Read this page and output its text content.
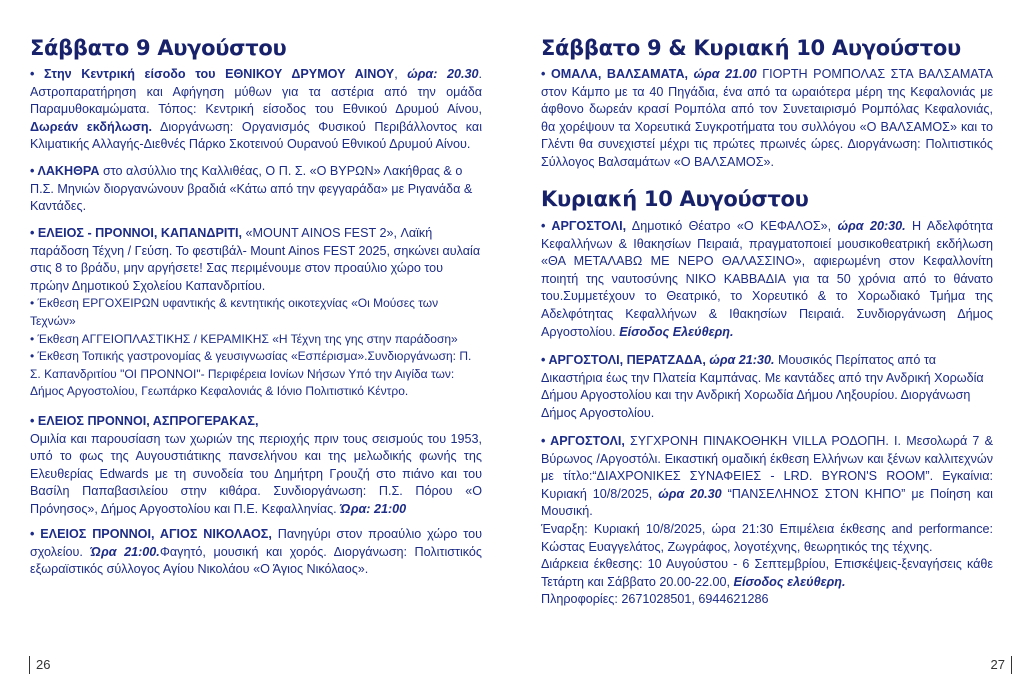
Σάββατο 9 Αυγούστου

• Στην Κεντρική είσοδο του ΕΘΝΙΚΟΥ ΔΡΥΜΟΥ ΑΙΝΟΥ, ώρα: 20.30. Αστροπαρατήρηση και Αφήγηση μύθων για τα αστέρια από την ομάδα Παραμυθοκαμώματα. Τόπος: Κεντρική είσοδος του Εθνικού Δρυμού Αίνου, Δωρεάν εκδήλωση. Διοργάνωση: Οργανισμός Φυσικού Περιβάλλοντος και Κλιματικής Αλλαγής-Διεθνές Πάρκο Σκοτεινού Ουρανού Εθνικού Δρυμού Αίνου.

• ΛΑΚΗΘΡΑ στο αλσύλλιο της Καλλιθέας, Ο Π. Σ. «Ο ΒΥΡΩΝ» Λακήθρας & ο Π.Σ. Μηνιών διοργανώνουν βραδιά «Κάτω από την φεγγαράδα» με Ριγανάδα & Καντάδες.

• ΕΛΕΙΟΣ - ΠΡΟΝΝΟΙ, ΚΑΠΑΝΔΡΙΤΙ, «MOUNT AINOS FEST 2», Λαϊκή παράδοση Τέχνη / Γεύση. Το φεστιβάλ- Mount Ainos FEST 2025, σηκώνει αυλαία στις 8 το βράδυ, μην αργήσετε! Σας περιμένουμε στον προαύλιο χώρο του πρώην Δημοτικού Σχολείου Καπανδριτίου.

• Έκθεση ΕΡΓΟΧΕΙΡΩΝ υφαντικής & κεντητικής οικοτεχνίας «Οι Μούσες των Τεχνών»

• Έκθεση ΑΓΓΕΙΟΠΛΑΣΤΙΚΗΣ / ΚΕΡΑΜΙΚΗΣ «Η Τέχνη της γης στην παράδοση»

• Έκθεση Τοπικής γαστρονομίας & γευσιγνωσίας «Εσπέρισμα».Συνδιοργάνωση: Π. Σ. Καπανδριτίου "ΟΙ ΠΡΟΝΝΟΙ"- Περιφέρεια Ιονίων Νήσων Υπό την Αιγίδα των: Δήμος Αργοστολίου, Γεωπάρκο Κεφαλονιάς & Ιόνιο Πολιτιστικό Κέντρο.

• ΕΛΕΙΟΣ ΠΡΟΝΝΟΙ, ΑΣΠΡΟΓΕΡΑΚΑΣ,

Ομιλία και παρουσίαση των χωριών της περιοχής πριν τους σεισμούς του 1953, υπό το φως της Αυγουστιάτικης πανσελήνου και της μελωδικής φωνής της Ελευθερίας Edwards με τη συνοδεία του Δημήτρη Γρουζή στο πιάνο και του Βασίλη Παπαβασιλείου στην κιθάρα. Συνδιοργάνωση: Π.Σ. Πόρου «Ο Πρόνησος», Δήμος Αργοστολίου και Π.Ε. Κεφαλληνίας. Ώρα: 21:00

• ΕΛΕΙΟΣ ΠΡΟΝΝΟΙ, ΑΓΙΟΣ ΝΙΚΟΛΑΟΣ, Πανηγύρι στον προαύλιο χώρο του σχολείου. Ώρα 21:00.Φαγητό, μουσική και χορός. Διοργάνωση: Πολιτιστικός εξωραϊστικός σύλλογος Αγίου Νικολάου «Ο Άγιος Νικόλαος».

26
Σάββατο 9 & Κυριακή 10 Αυγούστου

• ΟΜΑΛΑ, ΒΑΛΣΑΜΑΤΑ, ώρα 21.00 ΓΙΟΡΤΗ ΡΟΜΠΟΛΑΣ ΣΤΑ ΒΑΛΣΑΜΑΤΑ στον Κάμπο με τα 40 Πηγάδια, ένα από τα ωραιότερα μέρη της Κεφαλονιάς με άφθονο δωρεάν κρασί Ρομπόλα από τον Συνεταιρισμό Ρομπόλας Κεφαλονιάς, θα χορέψουν τα Χορευτικά Συγκροτήματα του συλλόγου «Ο ΒΑΛΣΑΜΟΣ» και το Γλέντι θα συνεχιστεί μέχρι τις πρώτες πρωινές ώρες. Διοργάνωση: Πολιτιστικός Σύλλογος Βαλσαμάτων «Ο ΒΑΛΣΑΜΟΣ».

Κυριακή 10 Αυγούστου

• ΑΡΓΟΣΤΟΛΙ, Δημοτικό Θέατρο «Ο ΚΕΦΑΛΟΣ», ώρα 20:30. Η Αδελφότητα Κεφαλλήνων & Ιθακησίων Πειραιά, πραγματοποιεί μουσικοθεατρική εκδήλωση «ΘΑ ΜΕΤΑΛΑΒΩ ΜΕ ΝΕΡΟ ΘΑΛΑΣΣΙΝΟ», αφιερωμένη στον Κεφαλλονίτη ποιητή της ναυτοσύνης ΝΙΚΟ ΚΑΒΒΑΔΙΑ για τα 50 χρόνια από το θάνατο του.Συμμετέχουν το Θεατρικό, το Χορευτικό & το Χορωδιακό Τμήμα της Αδελφότητας Κεφαλλήνων & Ιθακησίων Πειραιά. Συνδιοργάνωση Δήμος Αργοστολίου. Είσοδος Ελεύθερη.

• ΑΡΓΟΣΤΟΛΙ, ΠΕΡΑΤΖΑΔΑ, ώρα 21:30. Μουσικός Περίπατος από τα Δικαστήρια έως την Πλατεία Καμπάνας. Με καντάδες από την Ανδρική Χορωδία Δήμου Αργοστολίου και την Ανδρική Χορωδία Δήμου Ληξουρίου. Διοργάνωση Δήμος Αργοστολίου.

• ΑΡΓΟΣΤΟΛΙ, ΣΥΓΧΡΟΝΗ ΠΙΝΑΚΟΘΗΚΗ VILLA ΡΟΔΟΠΗ. Ι. Μεσολωρά 7 & Βύρωνος /Αργοστόλι. Εικαστική ομαδική έκθεση Ελλήνων και ξένων καλλιτεχνών με τίτλο:“ΔΙΑΧΡΟΝΙΚΕΣ ΣΥΝΑΦΕΙΕΣ - LRD. BYRON'S ROOM”. Εγκαίνια: Κυριακή 10/8/2025, ώρα 20.30 “ΠΑΝΣΕΛΗΝΟΣ ΣΤΟΝ ΚΗΠΟ” με Ποίηση και Μουσική.

Έναρξη: Κυριακή 10/8/2025, ώρα 21:30 Επιμέλεια έκθεσης and performance: Κώστας Ευαγγελάτος, Ζωγράφος, λογοτέχνης, θεωρητικός της τέχνης.

Διάρκεια έκθεσης: 10 Αυγούστου - 6 Σεπτεμβρίου, Επισκέψεις-ξεναγήσεις κάθε Τετάρτη και Σάββατο 20.00-22.00, Είσοδος ελεύθερη.

Πληροφορίες: 2671028501, 6944621286

27
